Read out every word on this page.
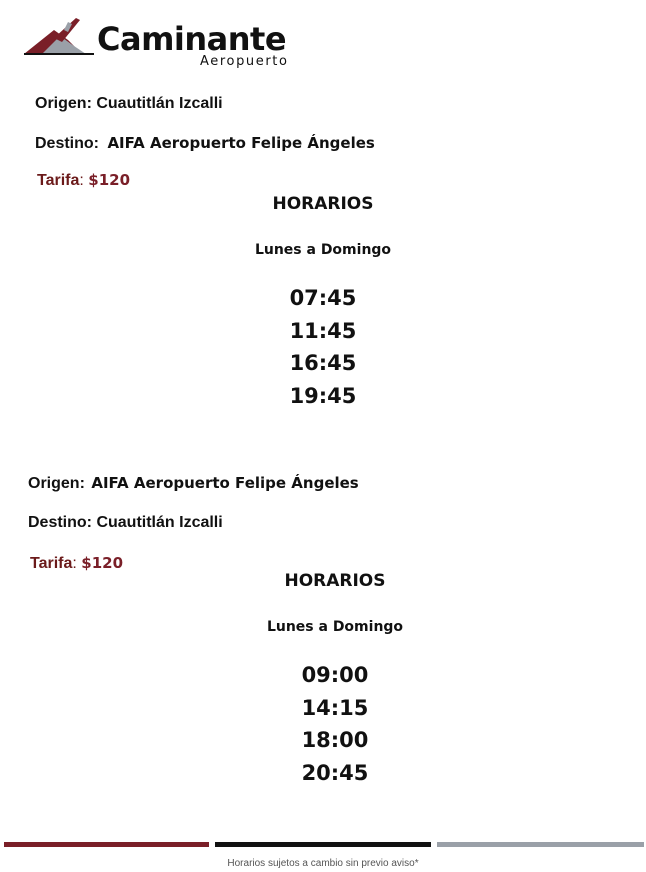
Caminante
Aeropuerto
Origen: Cuautitlán Izcalli
Destino: AIFA Aeropuerto Felipe Ángeles
Tarifa: $120
HORARIOS
Lunes a Domingo
07:45
11:45
16:45
19:45
Origen: AIFA Aeropuerto Felipe Ángeles
Destino: Cuautitlán Izcalli
Tarifa: $120
HORARIOS
Lunes a Domingo
09:00
14:15
18:00
20:45
Horarios sujetos a cambio sin previo aviso*
